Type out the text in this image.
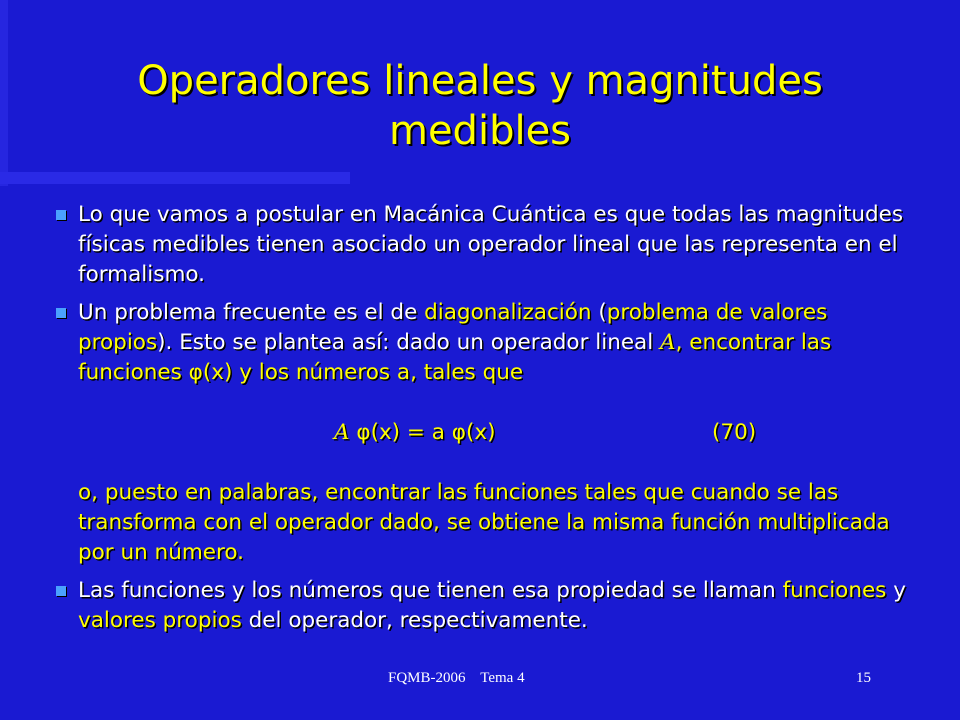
Operadores lineales y magnitudes
medibles
Lo que vamos a postular en Macánica Cuántica es que todas las magnitudes físicas medibles tienen asociado un operador lineal que las representa en el formalismo.
Un problema frecuente es el de diagonalización (problema de valores propios). Esto se plantea así: dado un operador lineal A, encontrar las funciones φ(x) y los números a, tales que
A φ(x) = a φ(x)	(70)
o, puesto en palabras, encontrar las funciones tales que cuando se las transforma con el operador dado, se obtiene la misma función multiplicada por un número.
Las funciones y los números que tienen esa propiedad se llaman funciones y valores propios del operador, respectivamente.
FQMB-2006    Tema 4	15
